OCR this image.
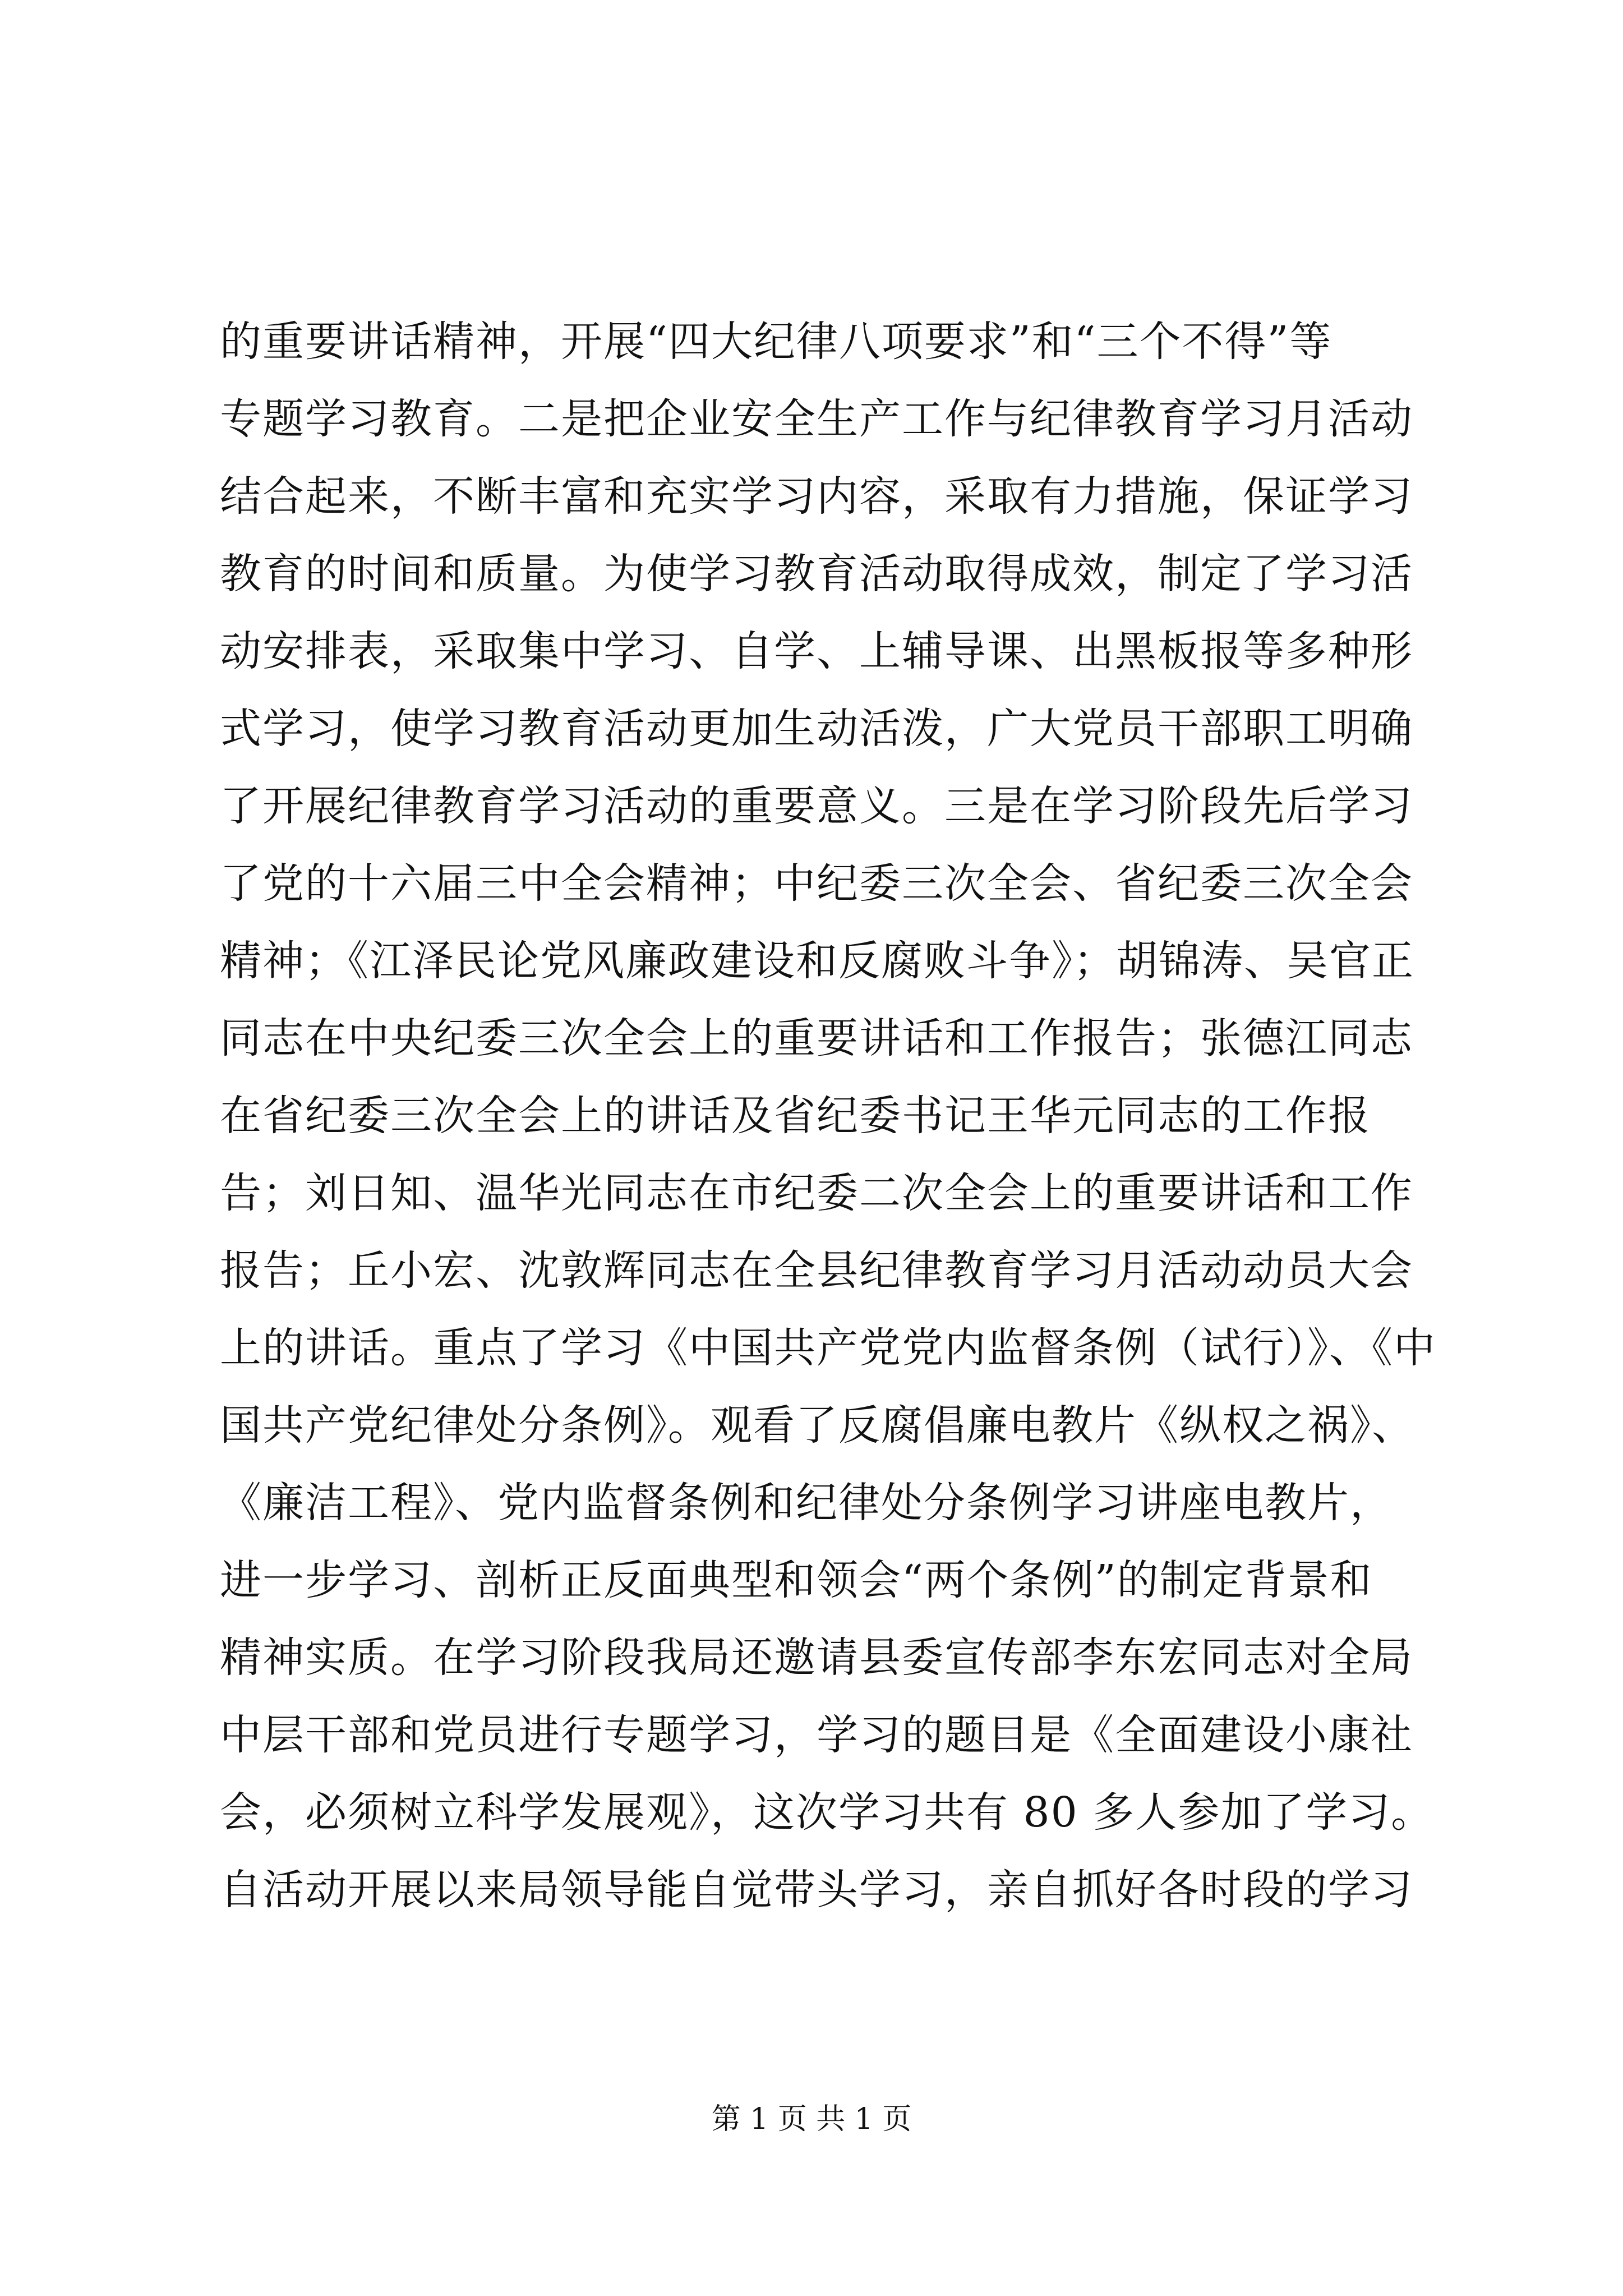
的重要讲话精神，开展“四大纪律八项要求”和“三个不得”等
专题学习教育。二是把企业安全生产工作与纪律教育学习月活动
结合起来，不断丰富和充实学习内容，采取有力措施，保证学习
教育的时间和质量。为使学习教育活动取得成效，制定了学习活
动安排表，采取集中学习、自学、上辅导课、出黑板报等多种形
式学习，使学习教育活动更加生动活泼，广大党员干部职工明确
了开展纪律教育学习活动的重要意义。三是在学习阶段先后学习
了党的十六届三中全会精神；中纪委三次全会、省纪委三次全会
精神；《江泽民论党风廉政建设和反腐败斗争》；胡锦涛、吴官正
同志在中央纪委三次全会上的重要讲话和工作报告；张德江同志
在省纪委三次全会上的讲话及省纪委书记王华元同志的工作报
告；刘日知、温华光同志在市纪委二次全会上的重要讲话和工作
报告；丘小宏、沈敦辉同志在全县纪律教育学习月活动动员大会
上的讲话。重点了学习《中国共产党党内监督条例（试行）》、《中
国共产党纪律处分条例》。观看了反腐倡廉电教片《纵权之祸》、
《廉洁工程》、党内监督条例和纪律处分条例学习讲座电教片，
进一步学习、剖析正反面典型和领会“两个条例”的制定背景和
精神实质。在学习阶段我局还邀请县委宣传部李东宏同志对全局
中层干部和党员进行专题学习，学习的题目是《全面建设小康社
会，必须树立科学发展观》，这次学习共有 80 多人参加了学习。
自活动开展以来局领导能自觉带头学习，亲自抓好各时段的学习
第 1 页 共 1 页
